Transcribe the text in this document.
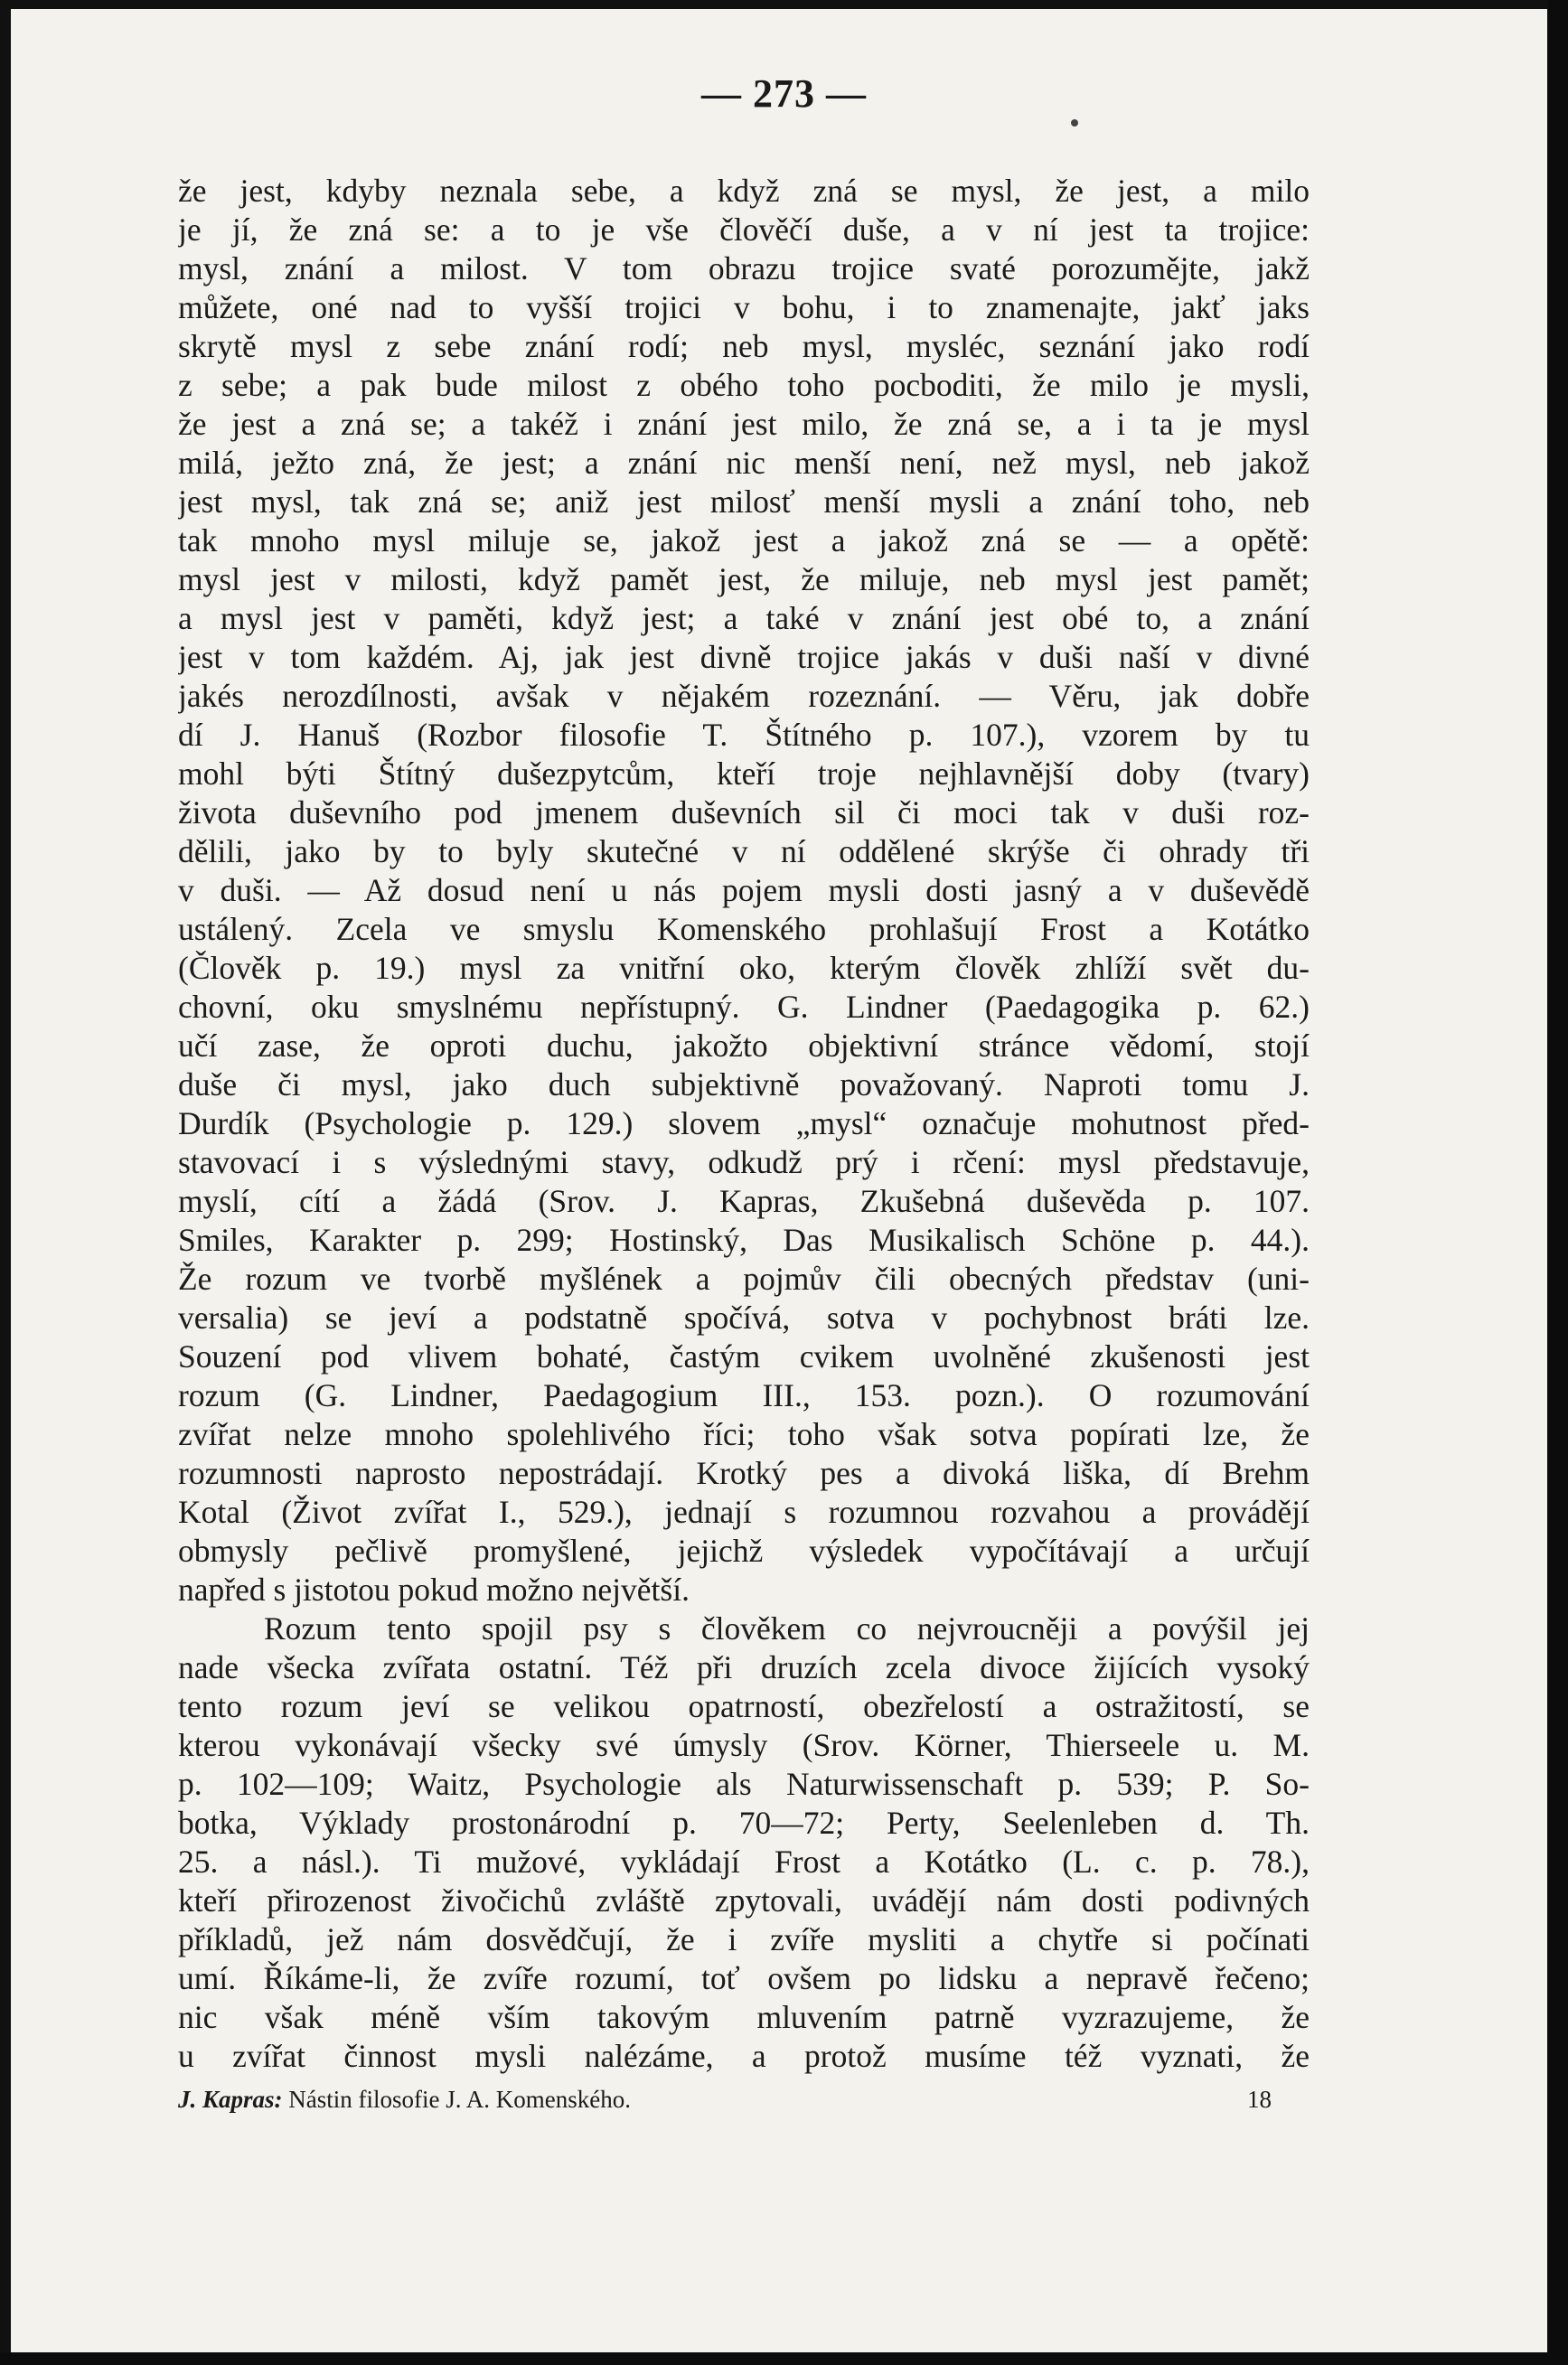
— 273 —
že jest, kdyby neznala sebe, a když zná se mysl, že jest, a milo
je jí, že zná se: a to je vše člověčí duše, a v ní jest ta trojice:
mysl, znání a milost. V tom obrazu trojice svaté porozumějte, jakž
můžete, oné nad to vyšší trojici v bohu, i to znamenajte, jakť jaks
skrytě mysl z sebe znání rodí; neb mysl, mysléc, seznání jako rodí
z sebe; a pak bude milost z obého toho pocboditi, že milo je mysli,
že jest a zná se; a takéž i znání jest milo, že zná se, a i ta je mysl
milá, ježto zná, že jest; a znání nic menší není, než mysl, neb jakož
jest mysl, tak zná se; aniž jest milosť menší mysli a znání toho, neb
tak mnoho mysl miluje se, jakož jest a jakož zná se — a opětě:
mysl jest v milosti, když pamět jest, že miluje, neb mysl jest pamět;
a mysl jest v paměti, když jest; a také v znání jest obé to, a znání
jest v tom každém. Aj, jak jest divně trojice jakás v duši naší v divné
jakés nerozdílnosti, avšak v nějakém rozeznání. — Věru, jak dobře
dí J. Hanuš (Rozbor filosofie T. Štítného p. 107.), vzorem by tu
mohl býti Štítný dušezpytcům, kteří troje nejhlavnější doby (tvary)
života duševního pod jmenem duševních sil či moci tak v duši roz-
dělili, jako by to byly skutečné v ní oddělené skrýše či ohrady tři
v duši. — Až dosud není u nás pojem mysli dosti jasný a v duševědě
ustálený. Zcela ve smyslu Komenského prohlašují Frost a Kotátko
(Člověk p. 19.) mysl za vnitřní oko, kterým člověk zhlíží svět du-
chovní, oku smyslnému nepřístupný. G. Lindner (Paedagogika p. 62.)
učí zase, že oproti duchu, jakožto objektivní stránce vědomí, stojí
duše či mysl, jako duch subjektivně považovaný. Naproti tomu J.
Durdík (Psychologie p. 129.) slovem „mysl“ označuje mohutnost před-
stavovací i s výslednými stavy, odkudž prý i rčení: mysl představuje,
myslí, cítí a žádá (Srov. J. Kapras, Zkušebná duševěda p. 107.
Smiles, Karakter p. 299; Hostinský, Das Musikalisch Schöne p. 44.).
Že rozum ve tvorbě myšlének a pojmův čili obecných představ (uni-
versalia) se jeví a podstatně spočívá, sotva v pochybnost bráti lze.
Souzení pod vlivem bohaté, častým cvikem uvolněné zkušenosti jest
rozum (G. Lindner, Paedagogium III., 153. pozn.). O rozumování
zvířat nelze mnoho spolehlivého říci; toho však sotva popírati lze, že
rozumnosti naprosto nepostrádají. Krotký pes a divoká liška, dí Brehm
Kotal (Život zvířat I., 529.), jednají s rozumnou rozvahou a provádějí
obmysly pečlivě promyšlené, jejichž výsledek vypočítávají a určují
napřed s jistotou pokud možno největší.
Rozum tento spojil psy s člověkem co nejvroucněji a povýšil jej
nade všecka zvířata ostatní. Též při druzích zcela divoce žijících vysoký
tento rozum jeví se velikou opatrností, obezřelostí a ostražitostí, se
kterou vykonávají všecky své úmysly (Srov. Körner, Thierseele u. M.
p. 102—109; Waitz, Psychologie als Naturwissenschaft p. 539; P. So-
botka, Výklady prostonárodní p. 70—72; Perty, Seelenleben d. Th.
25. a násl.). Ti mužové, vykládají Frost a Kotátko (L. c. p. 78.),
kteří přirozenost živočichů zvláště zpytovali, uvádějí nám dosti podivných
příkladů, jež nám dosvědčují, že i zvíře mysliti a chytře si počínati
umí. Říkáme-li, že zvíře rozumí, toť ovšem po lidsku a nepravě řečeno;
nic však méně vším takovým mluvením patrně vyzrazujeme, že
u zvířat činnost mysli nalézáme, a protož musíme též vyznati, že
J. Kapras: Nástin filosofie J. A. Komenského.	18
